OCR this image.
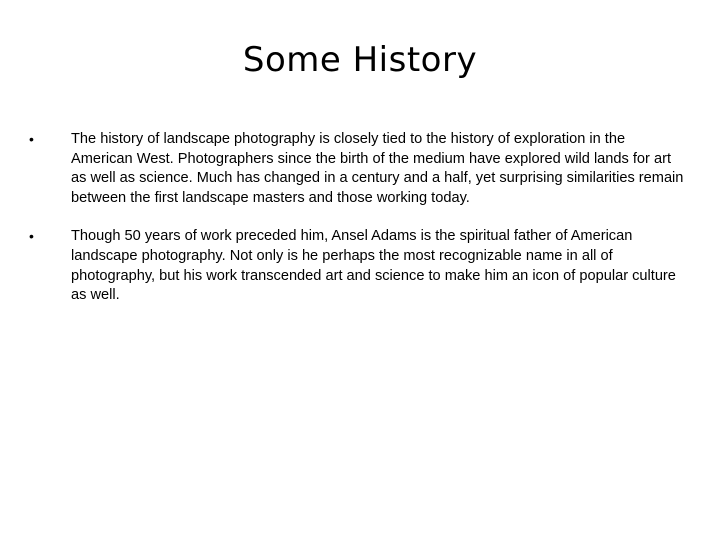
Some History
•	The history of landscape photography is closely tied to the history of exploration in the American West. Photographers since the birth of the medium have explored wild lands for art as well as science. Much has changed in a century and a half, yet surprising similarities remain between the first landscape masters and those working today.

•	Though 50 years of work preceded him, Ansel Adams is the spiritual father of American landscape photography. Not only is he perhaps the most recognizable name in all of photography, but his work transcended art and science to make him an icon of popular culture as well.
